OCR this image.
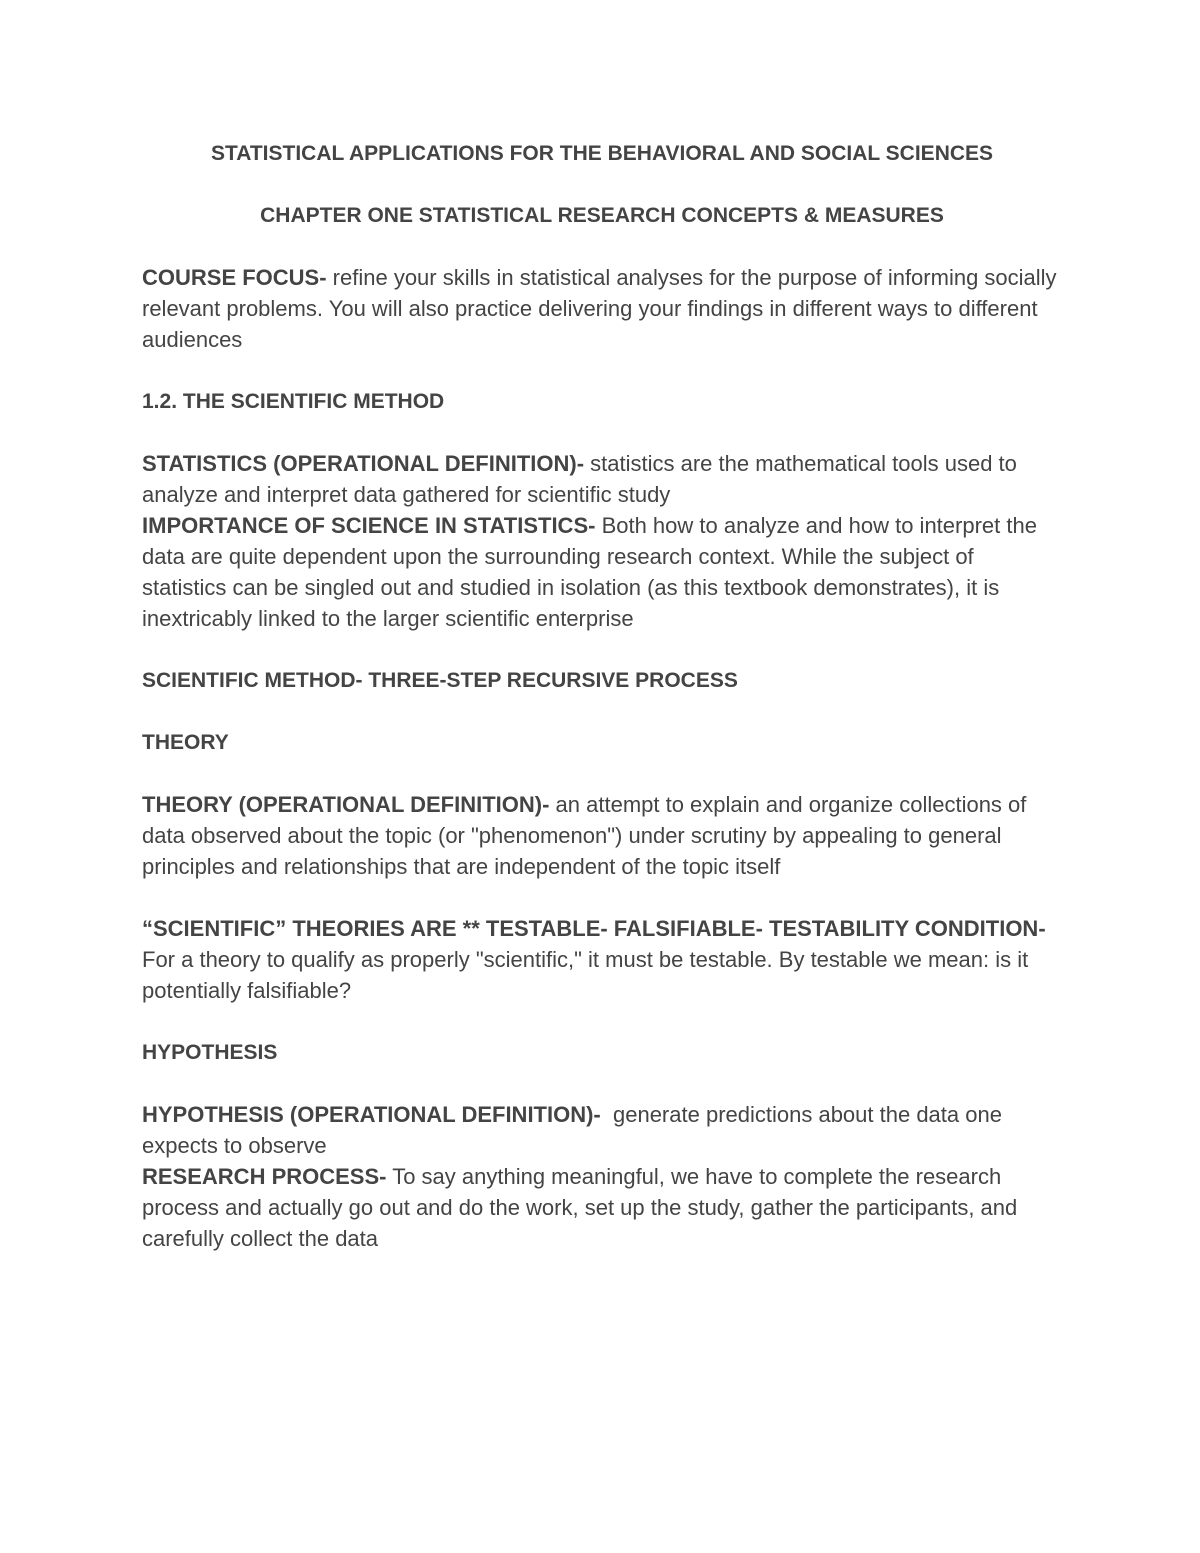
STATISTICAL APPLICATIONS FOR THE BEHAVIORAL AND SOCIAL SCIENCES
CHAPTER ONE STATISTICAL RESEARCH CONCEPTS & MEASURES

COURSE FOCUS- refine your skills in statistical analyses for the purpose of informing socially relevant problems. You will also practice delivering your findings in different ways to different audiences

1.2. THE SCIENTIFIC METHOD

STATISTICS (OPERATIONAL DEFINITION)- statistics are the mathematical tools used to analyze and interpret data gathered for scientific study

IMPORTANCE OF SCIENCE IN STATISTICS- Both how to analyze and how to interpret the data are quite dependent upon the surrounding research context. While the subject of statistics can be singled out and studied in isolation (as this textbook demonstrates), it is inextricably linked to the larger scientific enterprise

SCIENTIFIC METHOD- THREE-STEP RECURSIVE PROCESS
THEORY

THEORY (OPERATIONAL DEFINITION)- an attempt to explain and organize collections of data observed about the topic (or "phenomenon") under scrutiny by appealing to general principles and relationships that are independent of the topic itself

“SCIENTIFIC” THEORIES ARE ** TESTABLE- FALSIFIABLE- TESTABILITY CONDITION- For a theory to qualify as properly "scientific," it must be testable. By testable we mean: is it potentially falsifiable?

HYPOTHESIS

HYPOTHESIS (OPERATIONAL DEFINITION)-  generate predictions about the data one expects to observe

RESEARCH PROCESS- To say anything meaningful, we have to complete the research process and actually go out and do the work, set up the study, gather the participants, and carefully collect the data
